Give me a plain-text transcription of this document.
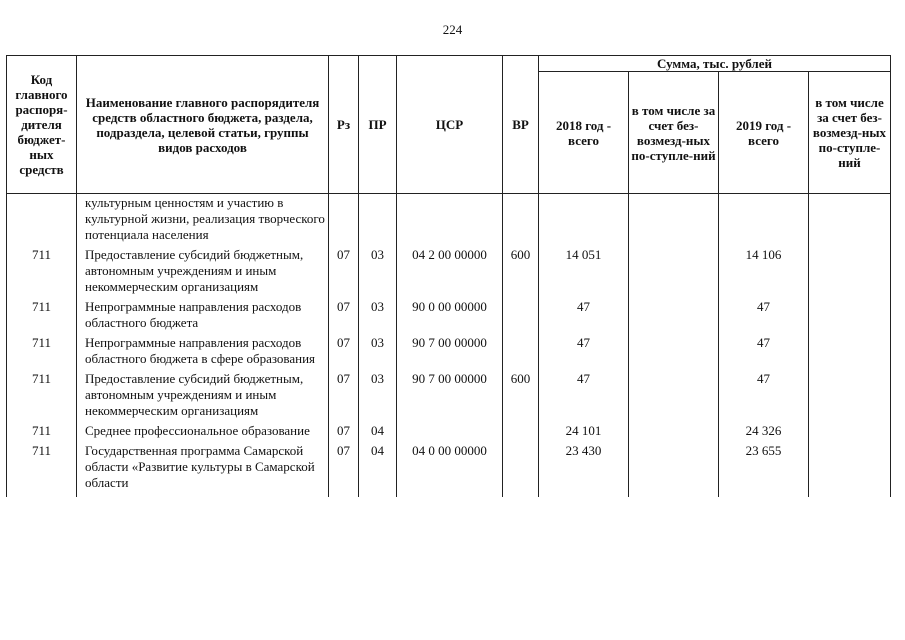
224
Код главного распоря-дителя бюджет-ных средств	Наименование главного распорядителя средств областного бюджета, раздела, подраздела, целевой статьи, группы видов расходов	Рз	ПР	ЦСР	ВР	Сумма, тыс. рублей			
						2018 год - всего	в том числе за счет без-возмезд-ных по-ступле-ний	2019 год - всего	в том числе за счет без-возмезд-ных по-ступле-ний
	культурным ценностям и участию в культурной жизни, реализация творческого потенциала населения								
711	Предоставление субсидий бюджетным, автономным учреждениям и иным некоммерческим организациям	07	03	04 2 00 00000	600	14 051		14 106	
711	Непрограммные направления расходов областного бюджета	07	03	90 0 00 00000		47		47	
711	Непрограммные направления расходов областного бюджета в сфере образования	07	03	90 7 00 00000		47		47	
711	Предоставление субсидий бюджетным, автономным учреждениям и иным некоммерческим организациям	07	03	90 7 00 00000	600	47		47	
711	Среднее профессиональное образование	07	04			24 101		24 326	
711	Государственная программа Самарской области «Развитие культуры в Самарской области	07	04	04 0 00 00000		23 430		23 655	
